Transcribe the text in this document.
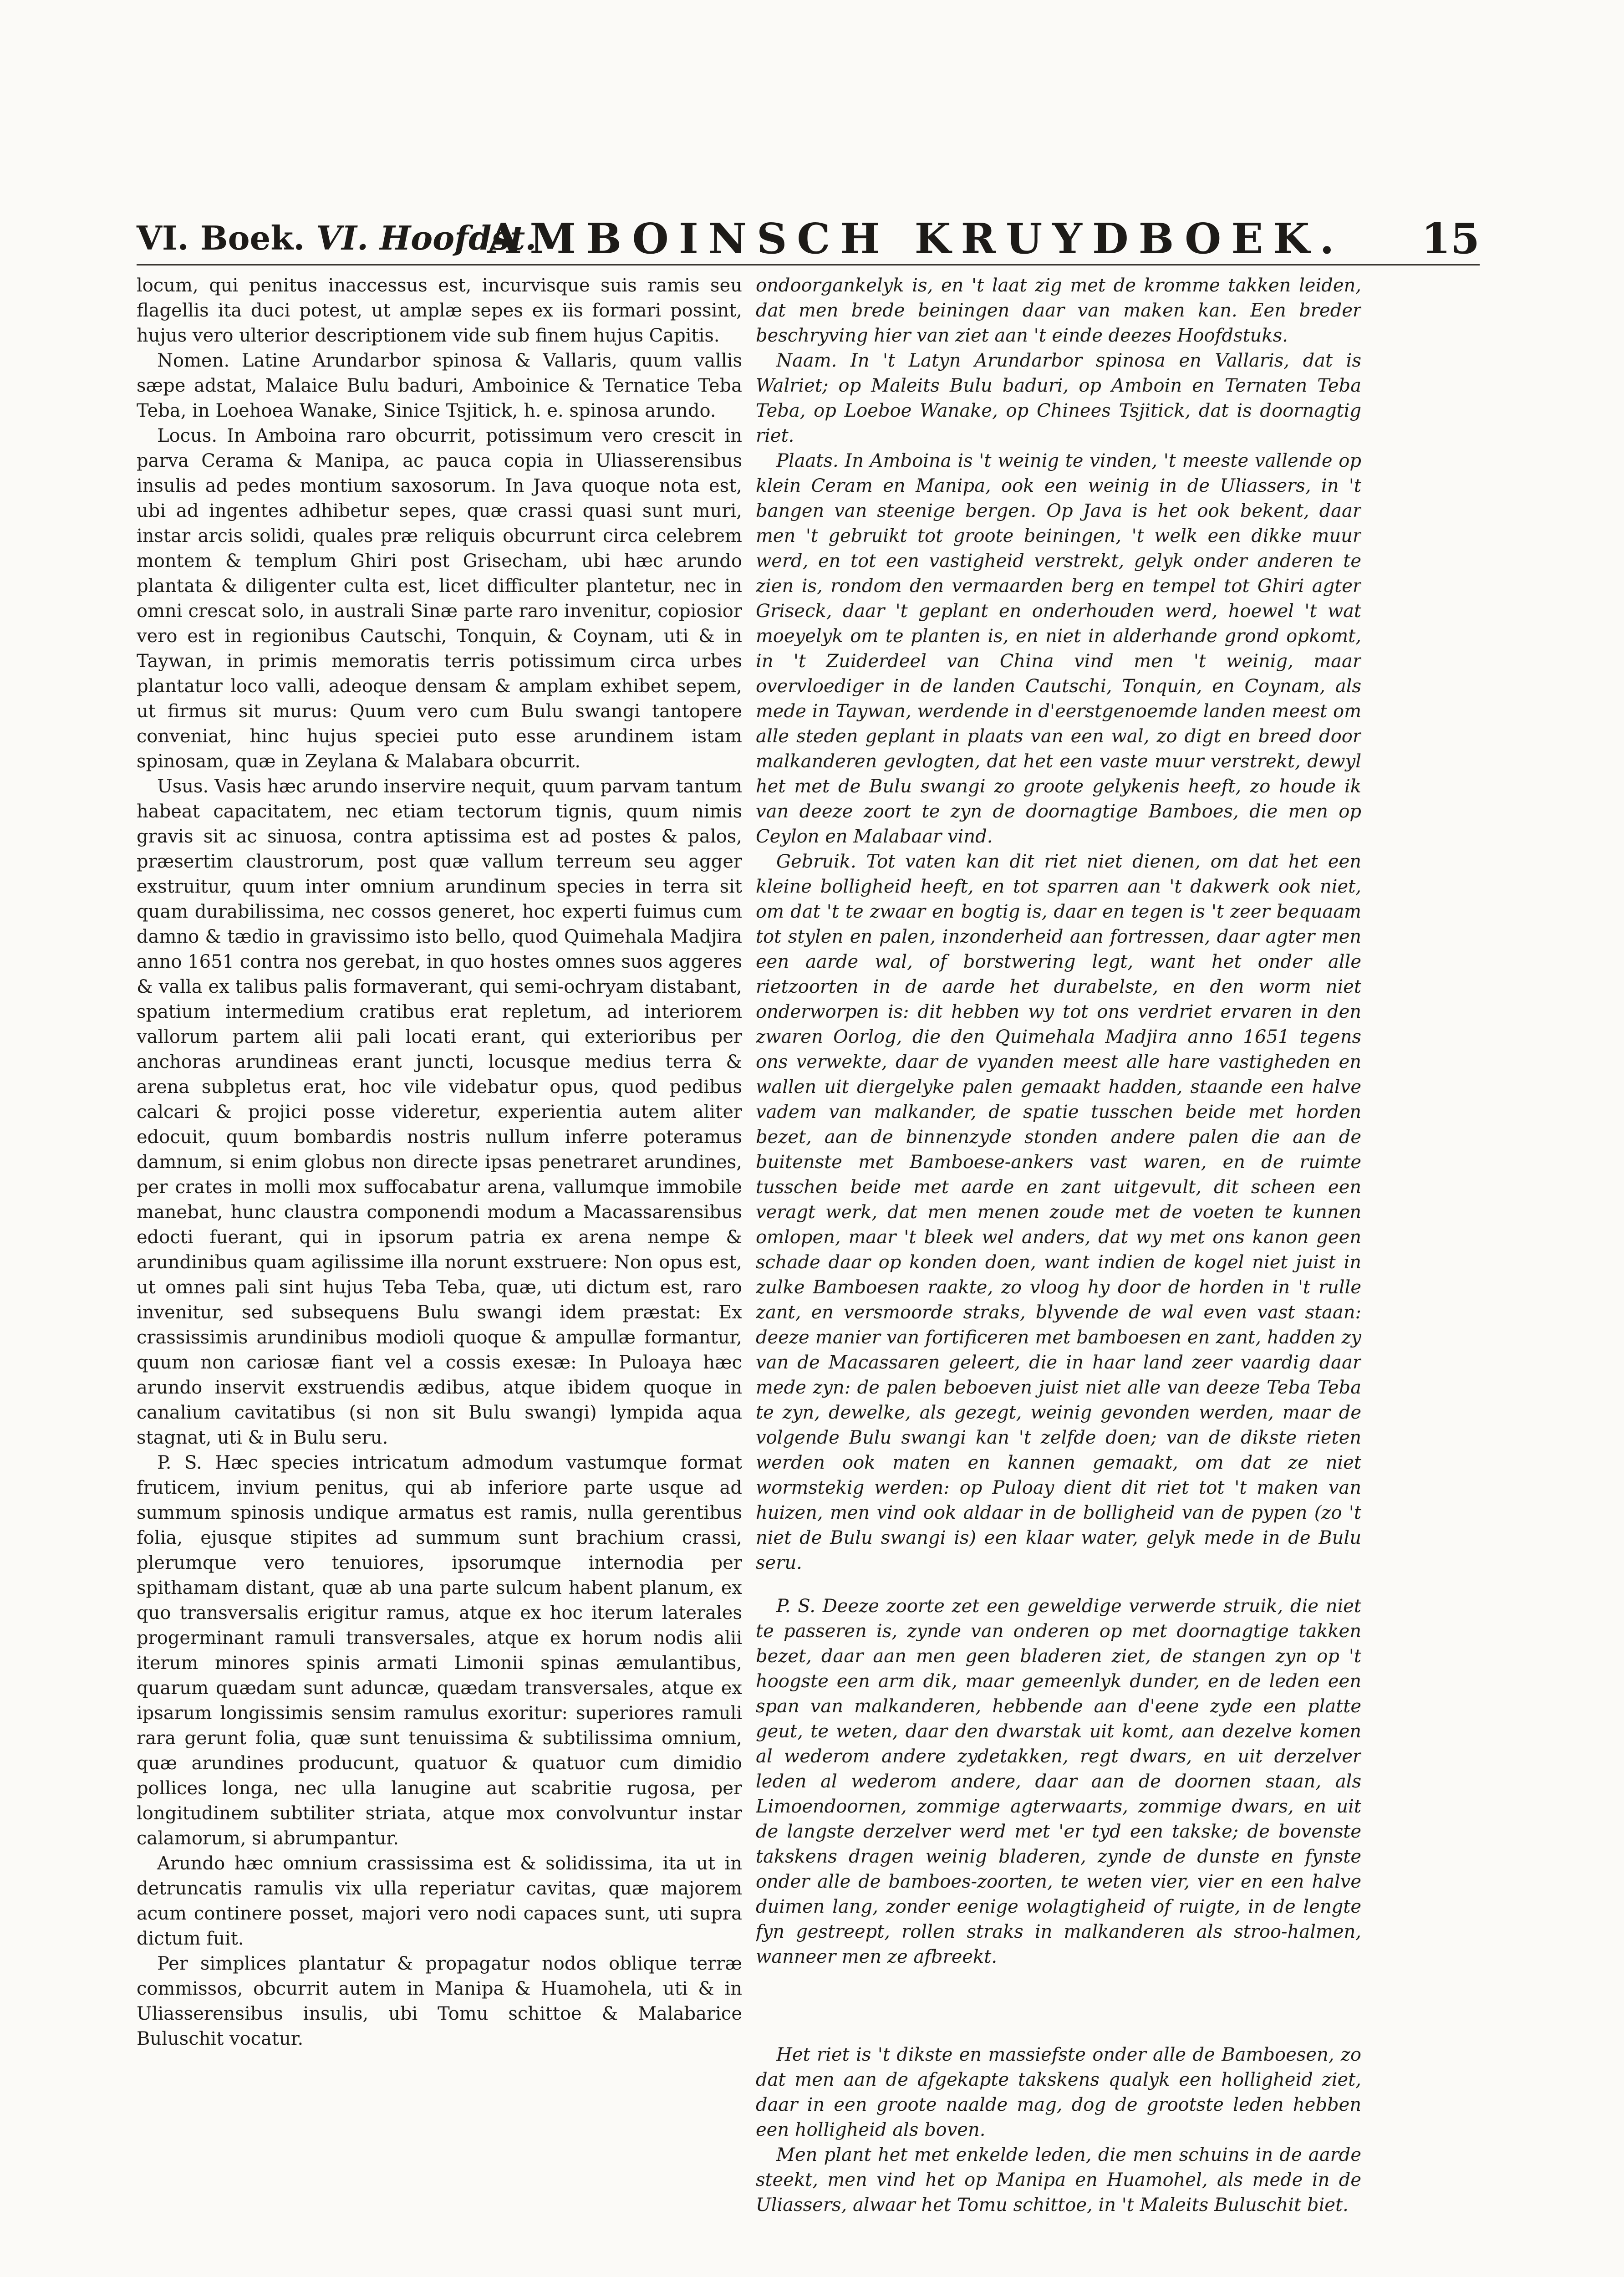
VI. Boek. VI. Hoofdst.
AMBOINSCH KRUYDBOEK. 15

locum, qui penitus inaccessus est, incurvisque suis ramis seu flagellis ita duci potest, ut amplæ sepes ex iis formari possint, hujus vero ulterior descriptionem vide sub finem hujus Capitis.

Nomen. Latine Arundarbor spinosa & Vallaris, quum vallis sæpe adstat, Malaice Bulu baduri, Amboinice & Ternatice Teba Teba, in Loehoea Wanake, Sinice Tsjitick, h. e. spinosa arundo.

Locus. In Amboina raro obcurrit, potissimum vero crescit in parva Cerama & Manipa, ac pauca copia in Uliasserensibus insulis ad pedes montium saxosorum. In Java quoque nota est, ubi ad ingentes adhibetur sepes, quæ crassi quasi sunt muri, instar arcis solidi, quales præ reliquis obcurrunt circa celebrem montem & templum Ghiri post Grisecham, ubi hæc arundo plantata & diligenter culta est, licet difficulter plantetur, nec in omni crescat solo, in australi Sinæ parte raro invenitur, copiosior vero est in regionibus Cautschi, Tonquin, & Coynam, uti & in Taywan, in primis memoratis terris potissimum circa urbes plantatur loco valli, adeoque densam & amplam exhibet sepem, ut firmus sit murus: Quum vero cum Bulu swangi tantopere conveniat, hinc hujus speciei puto esse arundinem istam spinosam, quæ in Zeylana & Malabara obcurrit.

Usus. Vasis hæc arundo inservire nequit, quum parvam tantum habeat capacitatem, nec etiam tectorum tignis, quum nimis gravis sit ac sinuosa, contra aptissima est ad postes & palos, præsertim claustrorum, post quæ vallum terreum seu agger exstruitur, quum inter omnium arundinum species in terra sit quam durabilissima, nec cossos generet, hoc experti fuimus cum damno & tædio in gravissimo isto bello, quod Quimehala Madjira anno 1651 contra nos gerebat, in quo hostes omnes suos aggeres & valla ex talibus palis formaverant, qui semi-ochryam distabant, spatium intermedium cratibus erat repletum, ad interiorem vallorum partem alii pali locati erant, qui exterioribus per anchoras arundineas erant juncti, locusque medius terra & arena subpletus erat, hoc vile videbatur opus, quod pedibus calcari & projici posse videretur, experientia autem aliter edocuit, quum bombardis nostris nullum inferre poteramus damnum, si enim globus non directe ipsas penetraret arundines, per crates in molli mox suffocabatur arena, vallumque immobile manebat, hunc claustra componendi modum a Macassarensibus edocti fuerant, qui in ipsorum patria ex arena nempe & arundinibus quam agilissime illa norunt exstruere: Non opus est, ut omnes pali sint hujus Teba Teba, quæ, uti dictum est, raro invenitur, sed subsequens Bulu swangi idem præstat: Ex crassissimis arundinibus modioli quoque & ampullæ formantur, quum non cariosæ fiant vel a cossis exesæ: In Puloaya hæc arundo inservit exstruendis ædibus, atque ibidem quoque in canalium cavitatibus (si non sit Bulu swangi) lympida aqua stagnat, uti & in Bulu seru.

P. S. Hæc species intricatum admodum vastumque format fruticem, invium penitus, qui ab inferiore parte usque ad summum spinosis undique armatus est ramis, nulla gerentibus folia, ejusque stipites ad summum sunt brachium crassi, plerumque vero tenuiores, ipsorumque internodia per spithamam distant, quæ ab una parte sulcum habent planum, ex quo transversalis erigitur ramus, atque ex hoc iterum laterales progerminant ramuli transversales, atque ex horum nodis alii iterum minores spinis armati Limonii spinas æmulantibus, quarum quædam sunt aduncæ, quædam transversales, atque ex ipsarum longissimis sensim ramulus exoritur: superiores ramuli rara gerunt folia, quæ sunt tenuissima & subtilissima omnium, quæ arundines producunt, quatuor & quatuor cum dimidio pollices longa, nec ulla lanugine aut scabritie rugosa, per longitudinem subtiliter striata, atque mox convolvuntur instar calamorum, si abrumpantur.

Arundo hæc omnium crassissima est & solidissima, ita ut in detruncatis ramulis vix ulla reperiatur cavitas, quæ majorem acum continere posset, majori vero nodi capaces sunt, uti supra dictum fuit.

Per simplices plantatur & propagatur nodos oblique terræ commissos, obcurrit autem in Manipa & Huamohela, uti & in Uliasserensibus insulis, ubi Tomu schittoe & Malabarice Buluschit vocatur.

ondoorgankelyk is, en 't laat zig met de kromme takken leiden, dat men brede beiningen daar van maken kan. Een breder beschryving hier van ziet aan 't einde deezes Hoofdstuks.

Naam. In 't Latyn Arundarbor spinosa en Vallaris, dat is Walriet; op Maleits Bulu baduri, op Amboin en Ternaten Teba Teba, op Loeboe Wanake, op Chinees Tsjitick, dat is doornagtig riet.

Plaats. In Amboina is 't weinig te vinden, 't meeste vallende op klein Ceram en Manipa, ook een weinig in de Uliassers, in 't bangen van steenige bergen. Op Java is het ook bekent, daar men 't gebruikt tot groote beiningen, 't welk een dikke muur werd, en tot een vastigheid verstrekt, gelyk onder anderen te zien is, rondom den vermaarden berg en tempel tot Ghiri agter Griseck, daar 't geplant en onderhouden werd, hoewel 't wat moeyelyk om te planten is, en niet in alderhande grond opkomt, in 't Zuiderdeel van China vind men 't weinig, maar overvloediger in de landen Cautschi, Tonquin, en Coynam, als mede in Taywan, werdende in d'eerstgenoemde landen meest om alle steden geplant in plaats van een wal, zo digt en breed door malkanderen gevlogten, dat het een vaste muur verstrekt, dewyl het met de Bulu swangi zo groote gelykenis heeft, zo houde ik van deeze zoort te zyn de doornagtige Bamboes, die men op Ceylon en Malabaar vind.

Gebruik. Tot vaten kan dit riet niet dienen, om dat het een kleine bolligheid heeft, en tot sparren aan 't dakwerk ook niet, om dat 't te zwaar en bogtig is, daar en tegen is 't zeer bequaam tot stylen en palen, inzonderheid aan fortressen, daar agter men een aarde wal, of borstwering legt, want het onder alle rietzoorten in de aarde het durabelste, en den worm niet onderworpen is: dit hebben wy tot ons verdriet ervaren in den zwaren Oorlog, die den Quimehala Madjira anno 1651 tegens ons verwekte, daar de vyanden meest alle hare vastigheden en wallen uit diergelyke palen gemaakt hadden, staande een halve vadem van malkander, de spatie tusschen beide met horden bezet, aan de binnenzyde stonden andere palen die aan de buitenste met Bamboese-ankers vast waren, en de ruimte tusschen beide met aarde en zant uitgevult, dit scheen een veragt werk, dat men menen zoude met de voeten te kunnen omlopen, maar 't bleek wel anders, dat wy met ons kanon geen schade daar op konden doen, want indien de kogel niet juist in zulke Bamboesen raakte, zo vloog hy door de horden in 't rulle zant, en versmoorde straks, blyvende de wal even vast staan: deeze manier van fortificeren met bamboesen en zant, hadden zy van de Macassaren geleert, die in haar land zeer vaardig daar mede zyn: de palen beboeven juist niet alle van deeze Teba Teba te zyn, dewelke, als gezegt, weinig gevonden werden, maar de volgende Bulu swangi kan 't zelfde doen; van de dikste rieten werden ook maten en kannen gemaakt, om dat ze niet wormstekig werden: op Puloay dient dit riet tot 't maken van huizen, men vind ook aldaar in de bolligheid van de pypen (zo 't niet de Bulu swangi is) een klaar water, gelyk mede in de Bulu seru.

P. S. Deeze zoorte zet een geweldige verwerde struik, die niet te passeren is, zynde van onderen op met doornagtige takken bezet, daar aan men geen bladeren ziet, de stangen zyn op 't hoogste een arm dik, maar gemeenlyk dunder, en de leden een span van malkanderen, hebbende aan d'eene zyde een platte geut, te weten, daar den dwarstak uit komt, aan dezelve komen al wederom andere zydetakken, regt dwars, en uit derzelver leden al wederom andere, daar aan de doornen staan, als Limoendoornen, zommige agterwaarts, zommige dwars, en uit de langste derzelver werd met 'er tyd een takske; de bovenste takskens dragen weinig bladeren, zynde de dunste en fynste onder alle de bamboes-zoorten, te weten vier, vier en een halve duimen lang, zonder eenige wolagtigheid of ruigte, in de lengte fyn gestreept, rollen straks in malkanderen als stroo-halmen, wanneer men ze afbreekt.

Het riet is 't dikste en massiefste onder alle de Bamboesen, zo dat men aan de afgekapte takskens qualyk een holligheid ziet, daar in een groote naalde mag, dog de grootste leden hebben een holligheid als boven.

Men plant het met enkelde leden, die men schuins in de aarde steekt, men vind het op Manipa en Huamohel, als mede in de Uliassers, alwaar het Tomu schittoe, in 't Maleits Buluschit biet.
